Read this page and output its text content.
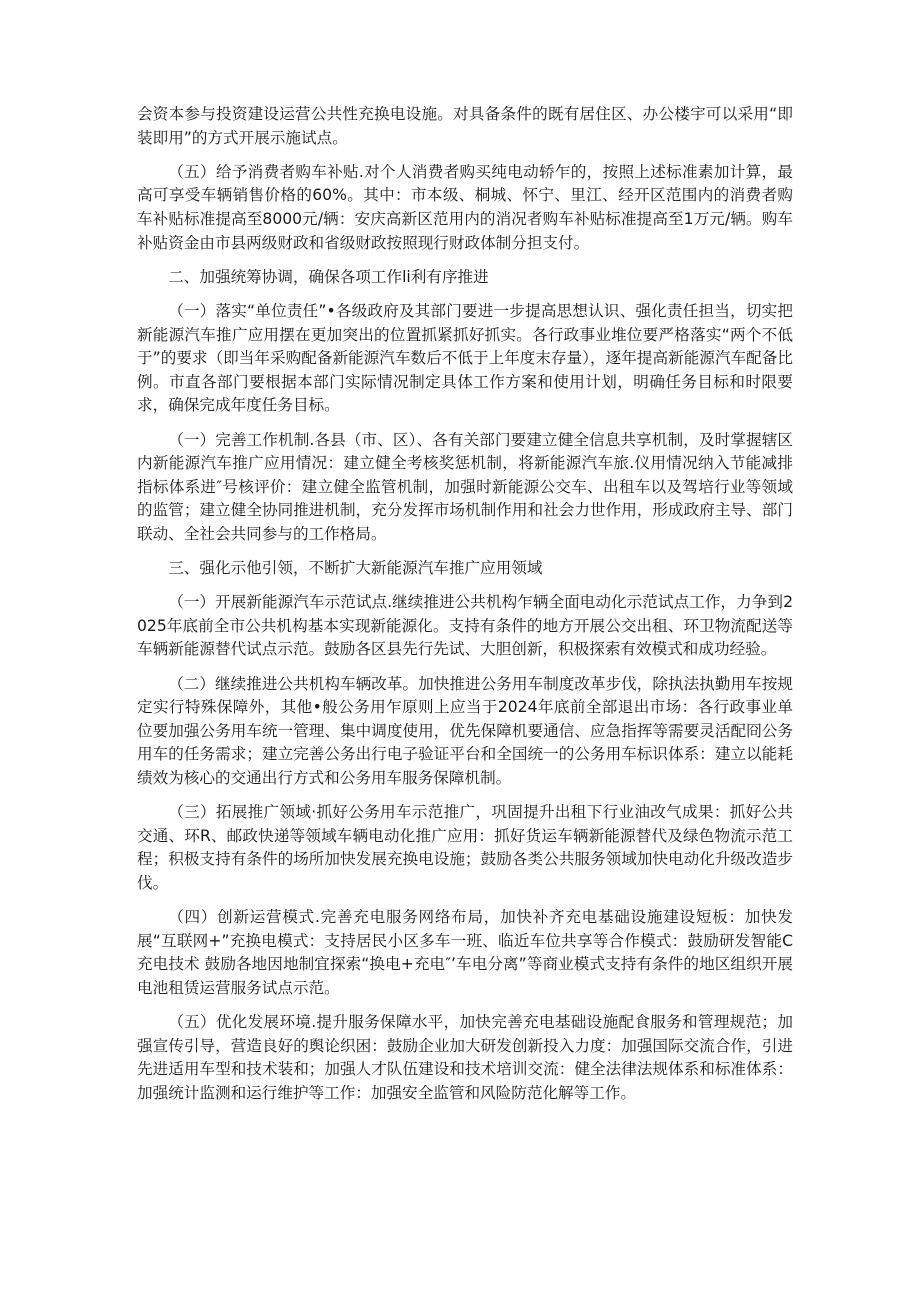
会资本参与投资建设运营公共性充换电设施。对具备条件的既有居住区、办公楼宇可以采用“即装即用”的方式开展示施试点。

（五）给予消费者购车补贴.对个人消费者购买纯电动轿乍的，按照上述标准素加计算，最高可享受车辆销售价格的60%。其中：市本级、桐城、怀宁、里江、经开区范围内的消费者购车补贴标准提高至8000元/辆：安庆高新区范用内的消况者购车补贴标准提高至1万元/辆。购车补贴资金由市县两级财政和省级财政按照现行财政体制分担支付。

二、加强统筹协调，确保各项工作li利有序推进

（一）落实“单位责任”•各级政府及其部门要进一步提高思想认识、强化责任担当，切实把新能源汽车推广应用摆在更加突出的位置抓紧抓好抓实。各行政事业堆位要严格落实“两个不低于”的要求（即当年采购配备新能源汽车数后不低于上年度末存量），逐年提高新能源汽车配备比例。市直各部门要根据本部门实际情况制定具体工作方案和使用计划，明确任务目标和时限要求，确保完成年度任务目标。

（一）完善工作机制.各县（市、区）、各有关部门要建立健全信息共享机制，及时掌握辖区内新能源汽车推广应用情况：建立健全考核奖惩机制，将新能源汽车旅.仪用情况纳入节能减排指标体系进″号核评价：建立健全监管机制，加强时新能源公交车、出租车以及驾培行业等领域的监管；建立健全协同推进机制，充分发挥市场机制作用和社会力世作用，形成政府主导、部门联动、全社会共同参与的工作格局。

三、强化示他引领，不断扩大新能源汽车推广应用领域

（一）开展新能源汽车示范试点.继续推进公共机构乍辆全面电动化示范试点工作，力争到2025年底前全市公共机构基本实现新能源化。支持有条件的地方开展公交出租、环卫物流配送等车辆新能源替代试点示范。鼓励各区县先行先试、大胆创新，积极探索有效模式和成功经验。

（二）继续推进公共机构车辆改革。加快推进公务用车制度改革步伐，除执法执勤用车按规定实行特殊保障外，其他•般公务用乍原则上应当于2024年底前全部退出市场：各行政事业单位要加强公务用车统一管理、集中调度使用，优先保障机要通信、应急指挥等需要灵活配冏公务用车的任务需求；建立完善公务出行电子验证平台和全国统一的公务用车标识体系：建立以能耗绩效为核心的交通出行方式和公务用车服务保障机制。

（三）拓展推广领域·抓好公务用车示范推广，巩固提升出租下行业油改气成果：抓好公共交通、环R、邮政快递等领域车辆电动化推广应用：抓好货运车辆新能源替代及绿色物流示范工程；积极支持有条件的场所加快发展充换电设施；鼓励各类公共服务领域加快电动化升级改造步伐。

（四）创新运营模式.完善充电服务网络布局，加快补齐充电基础设施建设短板：加快发展“互联网+”充换电模式：支持居民小区多车一班、临近车位共享等合作模式：鼓励研发智能C充电技术 鼓励各地因地制宜探索“换电+充电″’车电分离”等商业模式支持有条件的地区组织开展电池租赁运营服务试点示范。

（五）优化发展环境.提升服务保障水平，加快完善充电基础设施配食服务和管理规范；加强宣传引导，营造良好的舆论织困：鼓励企业加大研发创新投入力度：加强国际交流合作，引进先进适用车型和技术装和；加强人才队伍建设和技术培训交流：健全法律法规体系和标准体系：加强统计监测和运行维护等工作：加强安全监管和风险防范化解等工作。
